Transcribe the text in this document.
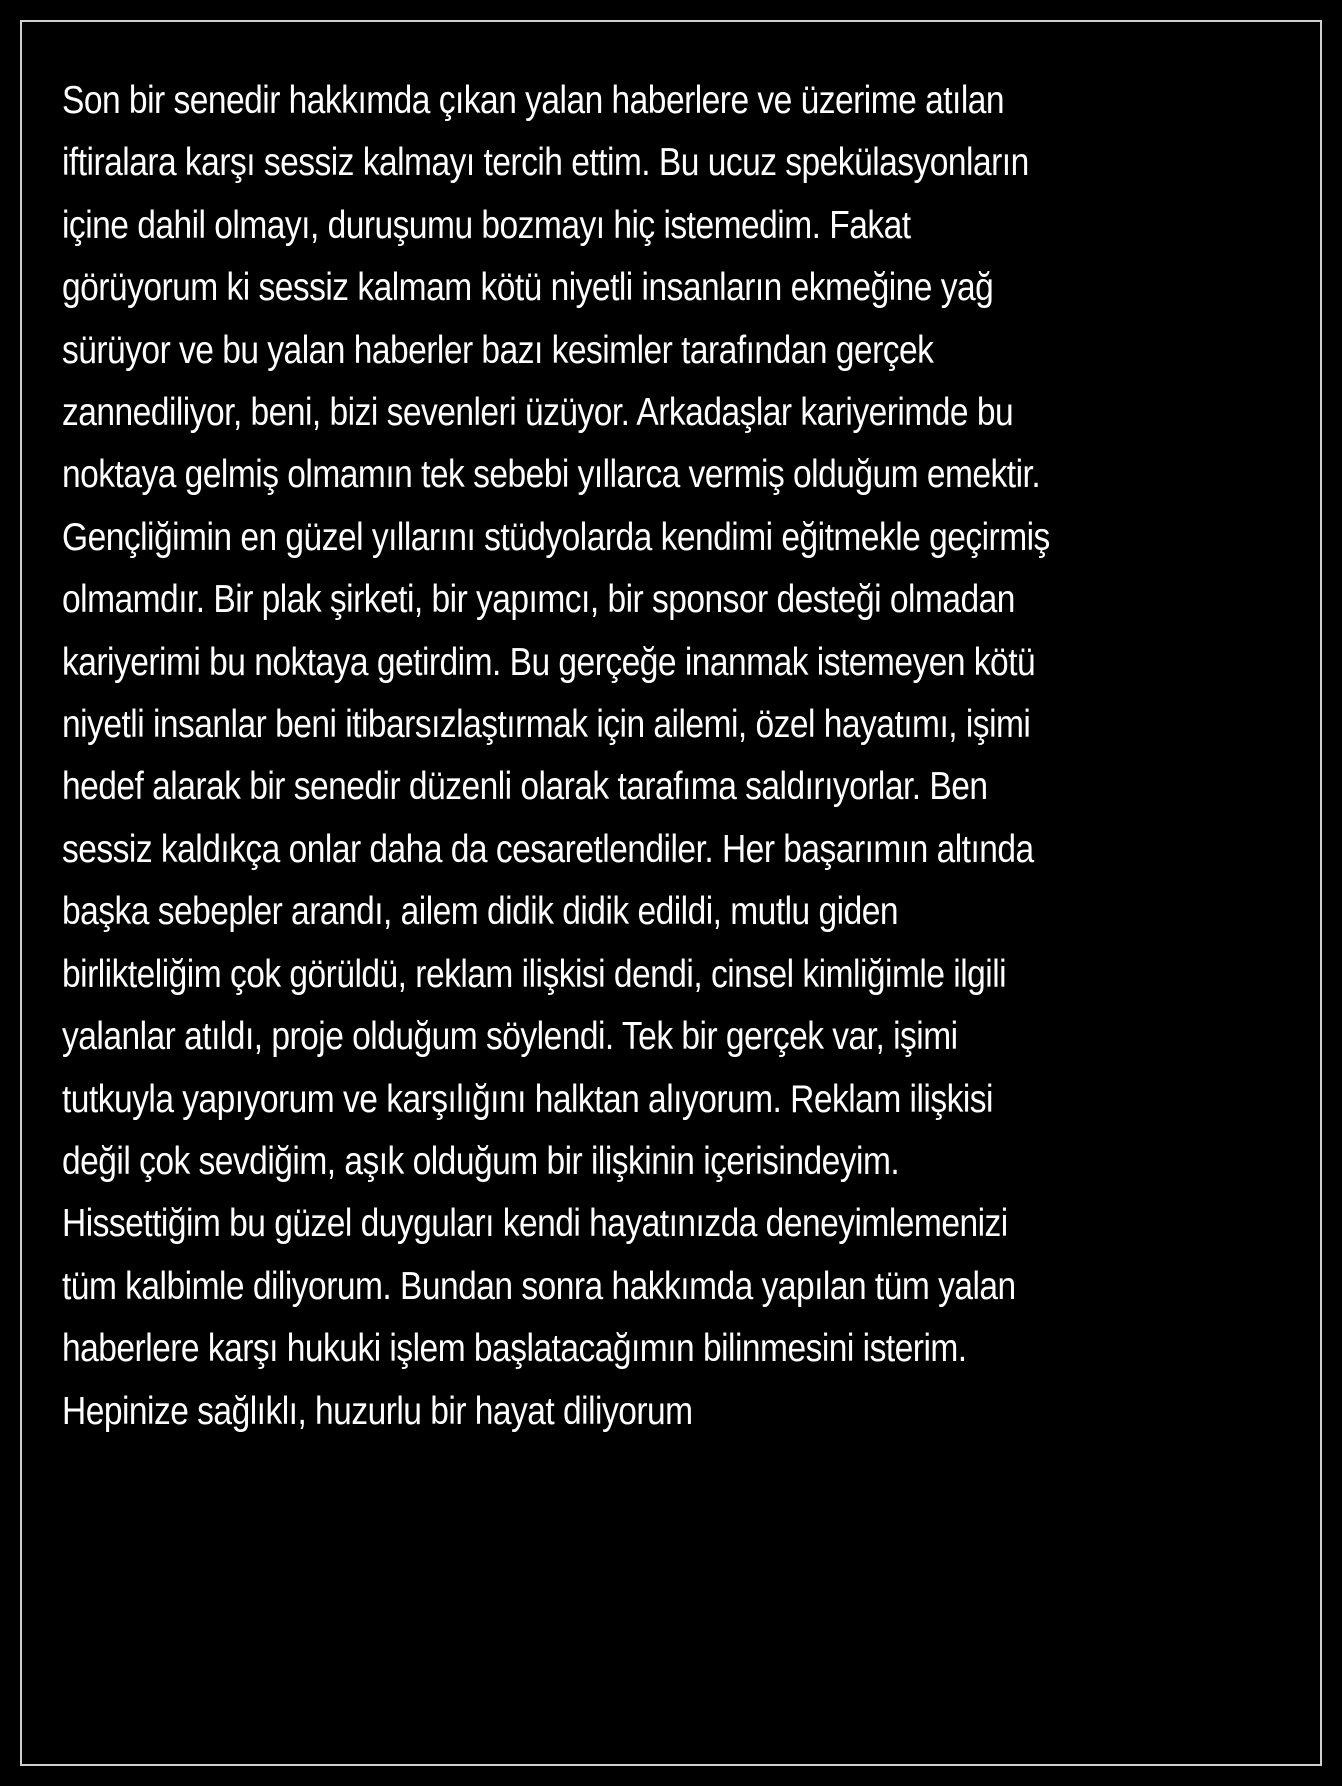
Son bir senedir hakkımda çıkan yalan haberlere ve üzerime atılan
iftiralara karşı sessiz kalmayı tercih ettim. Bu ucuz spekülasyonların
içine dahil olmayı, duruşumu bozmayı hiç istemedim. Fakat
görüyorum ki sessiz kalmam kötü niyetli insanların ekmeğine yağ
sürüyor ve bu yalan haberler bazı kesimler tarafından gerçek
zannediliyor, beni, bizi sevenleri üzüyor. Arkadaşlar kariyerimde bu
noktaya gelmiş olmamın tek sebebi yıllarca vermiş olduğum emektir.
Gençliğimin en güzel yıllarını stüdyolarda kendimi eğitmekle geçirmiş
olmamdır. Bir plak şirketi, bir yapımcı, bir sponsor desteği olmadan
kariyerimi bu noktaya getirdim. Bu gerçeğe inanmak istemeyen kötü
niyetli insanlar beni itibarsızlaştırmak için ailemi, özel hayatımı, işimi
hedef alarak bir senedir düzenli olarak tarafıma saldırıyorlar. Ben
sessiz kaldıkça onlar daha da cesaretlendiler. Her başarımın altında
başka sebepler arandı, ailem didik didik edildi, mutlu giden
birlikteliğim çok görüldü, reklam ilişkisi dendi, cinsel kimliğimle ilgili
yalanlar atıldı, proje olduğum söylendi. Tek bir gerçek var, işimi
tutkuyla yapıyorum ve karşılığını halktan alıyorum. Reklam ilişkisi
değil çok sevdiğim, aşık olduğum bir ilişkinin içerisindeyim.
Hissettiğim bu güzel duyguları kendi hayatınızda deneyimlemenizi
tüm kalbimle diliyorum. Bundan sonra hakkımda yapılan tüm yalan
haberlere karşı hukuki işlem başlatacağımın bilinmesini isterim.
Hepinize sağlıklı, huzurlu bir hayat diliyorum
